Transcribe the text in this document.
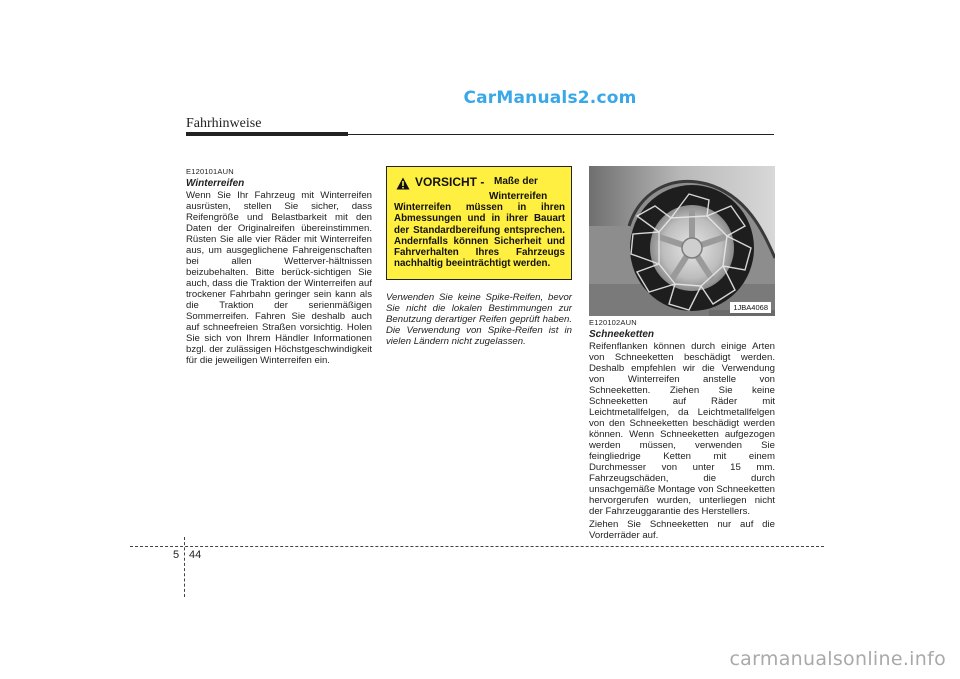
CarManuals2.com
Fahrhinweise
E120101AUN
Winterreifen
Wenn Sie Ihr Fahrzeug mit Winterreifen ausrüsten, stellen Sie sicher, dass Reifengröße und Belastbarkeit mit den Daten der Originalreifen übereinstimmen. Rüsten Sie alle vier Räder mit Winterreifen aus, um ausgeglichene Fahreigenschaften bei allen Wetterver-hältnissen beizubehalten. Bitte berück-sichtigen Sie auch, dass die Traktion der Winterreifen auf trockener Fahrbahn geringer sein kann als die Traktion der serienmäßigen Sommerreifen. Fahren Sie deshalb auch auf schneefreien Straßen vorsichtig. Holen Sie sich von Ihrem Händler Informationen bzgl. der zulässigen Höchstgeschwindigkeit für die jeweiligen Winterreifen ein.
VORSICHT - Maße der
Winterreifen
Winterreifen müssen in ihren Abmessungen und in ihrer Bauart der Standardbereifung entsprechen. Andernfalls können Sicherheit und Fahrverhalten Ihres Fahrzeugs nachhaltig beeinträchtigt werden.
Verwenden Sie keine Spike-Reifen, bevor Sie nicht die lokalen Bestimmungen zur Benutzung derartiger Reifen geprüft haben. Die Verwendung von Spike-Reifen ist in vielen Ländern nicht zugelassen.
1JBA4068
E120102AUN
Schneeketten
Reifenflanken können durch einige Arten von Schneeketten beschädigt werden. Deshalb empfehlen wir die Verwendung von Winterreifen anstelle von Schneeketten. Ziehen Sie keine Schneeketten auf Räder mit Leichtmetallfelgen, da Leichtmetallfelgen von den Schneeketten beschädigt werden können. Wenn Schneeketten aufgezogen werden müssen, verwenden Sie feingliedrige Ketten mit einem Durchmesser von unter 15 mm. Fahrzeugschäden, die durch unsachgemäße Montage von Schneeketten hervorgerufen wurden, unterliegen nicht der Fahrzeuggarantie des Herstellers.
Ziehen Sie Schneeketten nur auf die Vorderräder auf.
5 44
carmanualsonline.info
